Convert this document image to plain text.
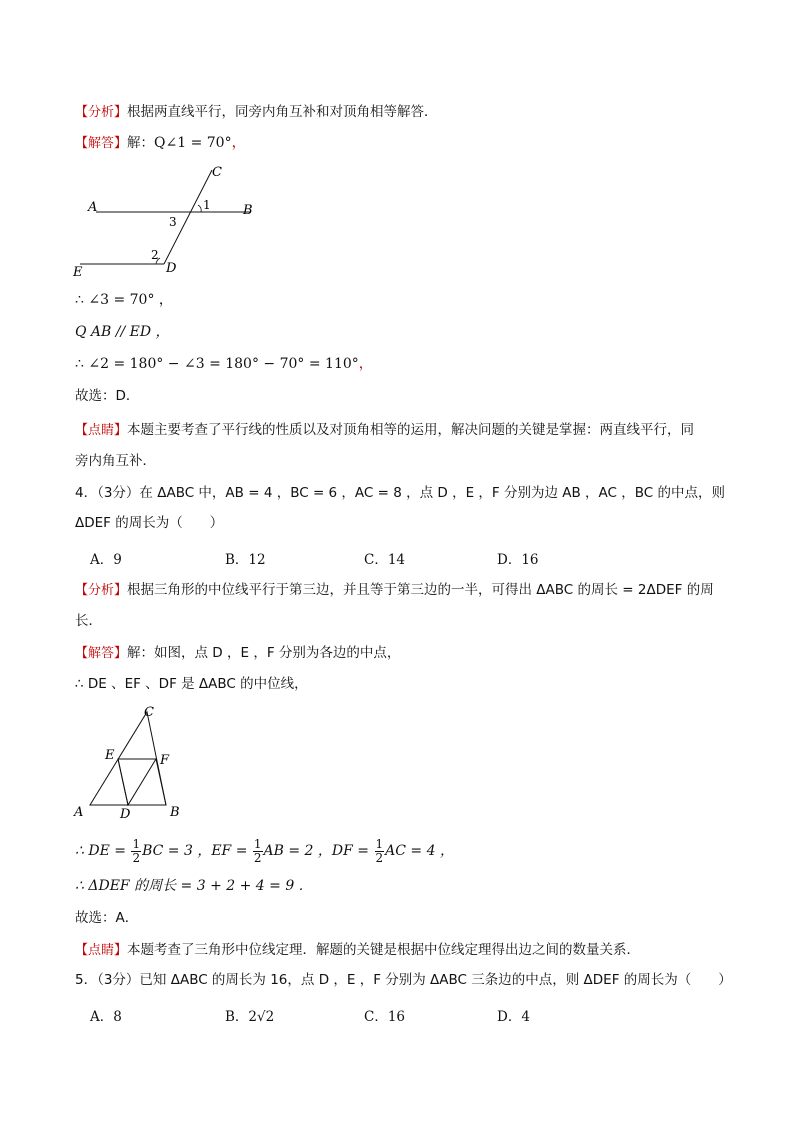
【分析】根据两直线平行，同旁内角互补和对顶角相等解答．
【解答】解：Q∠1 = 70°，
A	B
C
E	D
1
2
3
∴ ∠3 = 70° ，
Q AB // ED ，
∴ ∠2 = 180° − ∠3 = 180° − 70° = 110°，
故选：D．
【点睛】本题主要考查了平行线的性质以及对顶角相等的运用，解决问题的关键是掌握：两直线平行，同
旁内角互补．
4．（3分）在 ΔABC 中，AB = 4 ，BC = 6 ，AC = 8 ，点 D ，E ，F 分别为边 AB ，AC ，BC 的中点，则
ΔDEF 的周长为（　　）
A．9	B．12	C．14	D．16
【分析】根据三角形的中位线平行于第三边，并且等于第三边的一半，可得出 ΔABC 的周长 = 2ΔDEF 的周
长．
【解答】解：如图，点 D ，E ，F 分别为各边的中点，
∴ DE 、EF 、DF 是 ΔABC 的中位线，
A	B
C
D
E	F
∴ DE = $\frac{1}{2}$ BC = 3 ，EF = $\frac{1}{2}$ AB = 2 ，DF = $\frac{1}{2}$ AC = 4 ，
∴ ΔDEF 的周长 = 3 + 2 + 4 = 9 ．
故选：A．
【点睛】本题考查了三角形中位线定理．解题的关键是根据中位线定理得出边之间的数量关系．
5．（3分）已知 ΔABC 的周长为 16，点 D ，E ，F 分别为 ΔABC 三条边的中点，则 ΔDEF 的周长为（　　）
A．8	B．2√2	C．16	D．4
